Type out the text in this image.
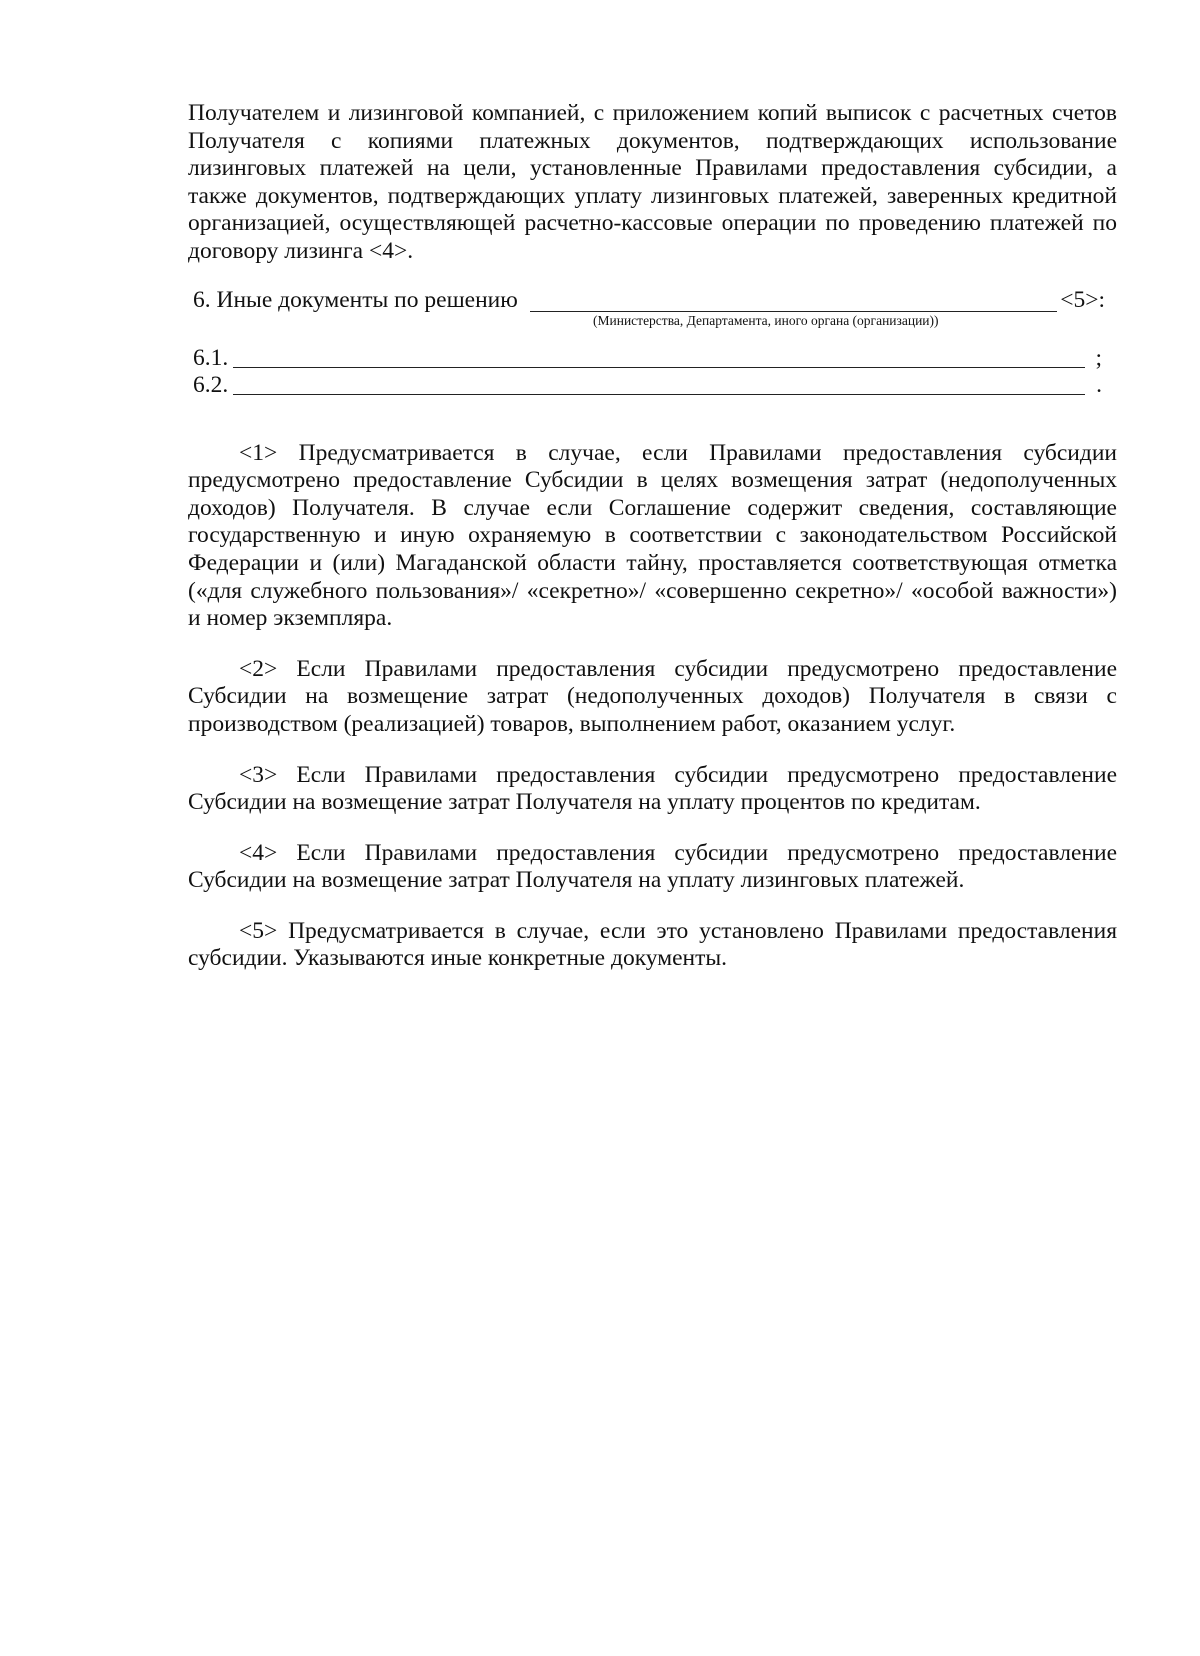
Получателем и лизинговой компанией, с приложением копий выписок с расчетных счетов Получателя с копиями платежных документов, подтверждающих использование лизинговых платежей на цели, установленные Правилами предоставления субсидии, а также документов, подтверждающих уплату лизинговых платежей, заверенных кредитной организацией, осуществляющей расчетно-кассовые операции по проведению платежей по договору лизинга <4>.

6. Иные документы по решению	<5>:
(Министерства, Департамента, иного органа (организации))
6.1.	;
6.2.	.

<1> Предусматривается в случае, если Правилами предоставления субсидии предусмотрено предоставление Субсидии в целях возмещения затрат (недополученных доходов) Получателя. В случае если Соглашение содержит сведения, составляющие государственную и иную охраняемую в соответствии с законодательством Российской Федерации и (или) Магаданской области тайну, проставляется соответствующая отметка («для служебного пользования»/ «секретно»/ «совершенно секретно»/ «особой важности») и номер экземпляра.

<2> Если Правилами предоставления субсидии предусмотрено предоставление Субсидии на возмещение затрат (недополученных доходов) Получателя в связи с производством (реализацией) товаров, выполнением работ, оказанием услуг.

<3> Если Правилами предоставления субсидии предусмотрено предоставление Субсидии на возмещение затрат Получателя на уплату процентов по кредитам.

<4> Если Правилами предоставления субсидии предусмотрено предоставление Субсидии на возмещение затрат Получателя на уплату лизинговых платежей.

<5> Предусматривается в случае, если это установлено Правилами предоставления субсидии. Указываются иные конкретные документы.
